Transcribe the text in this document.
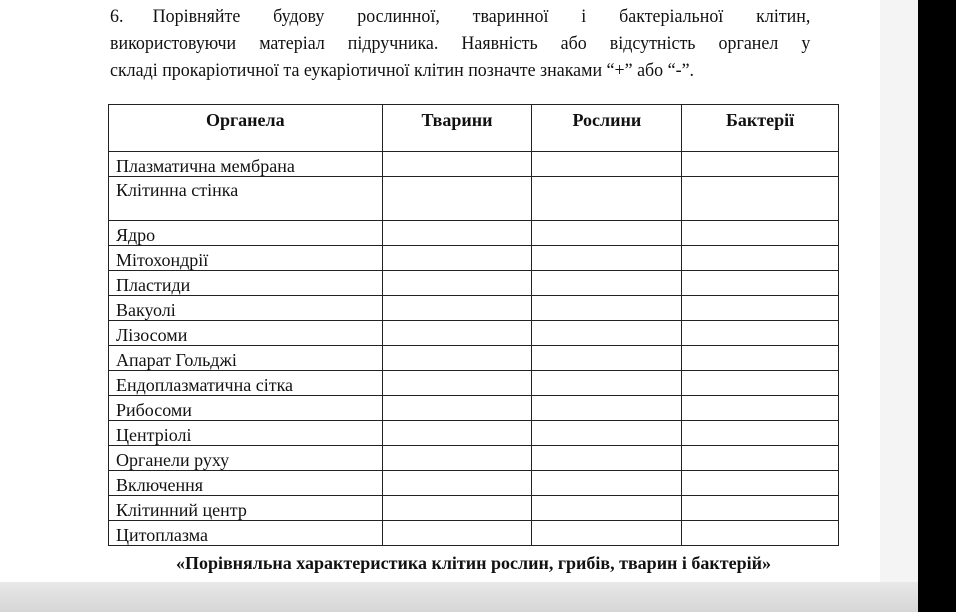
6. Порівняйте будову рослинної, тваринної і бактеріальної клітин,
використовуючи матеріал підручника. Наявність або відсутність органел у
складі прокаріотичної та еукаріотичної клітин позначте знаками “+” або “-”.
Органела	Тварини	Рослини	Бактерії
Плазматична мембрана			
Клітинна стінка			
Ядро			
Мітохондрії			
Пластиди			
Вакуолі			
Лізосоми			
Апарат Гольджі			
Ендоплазматична сітка			
Рибосоми			
Центріолі			
Органели руху			
Включення			
Клітинний центр			
Цитоплазма			
«Порівняльна характеристика клітин рослин, грибів, тварин і бактерій»
